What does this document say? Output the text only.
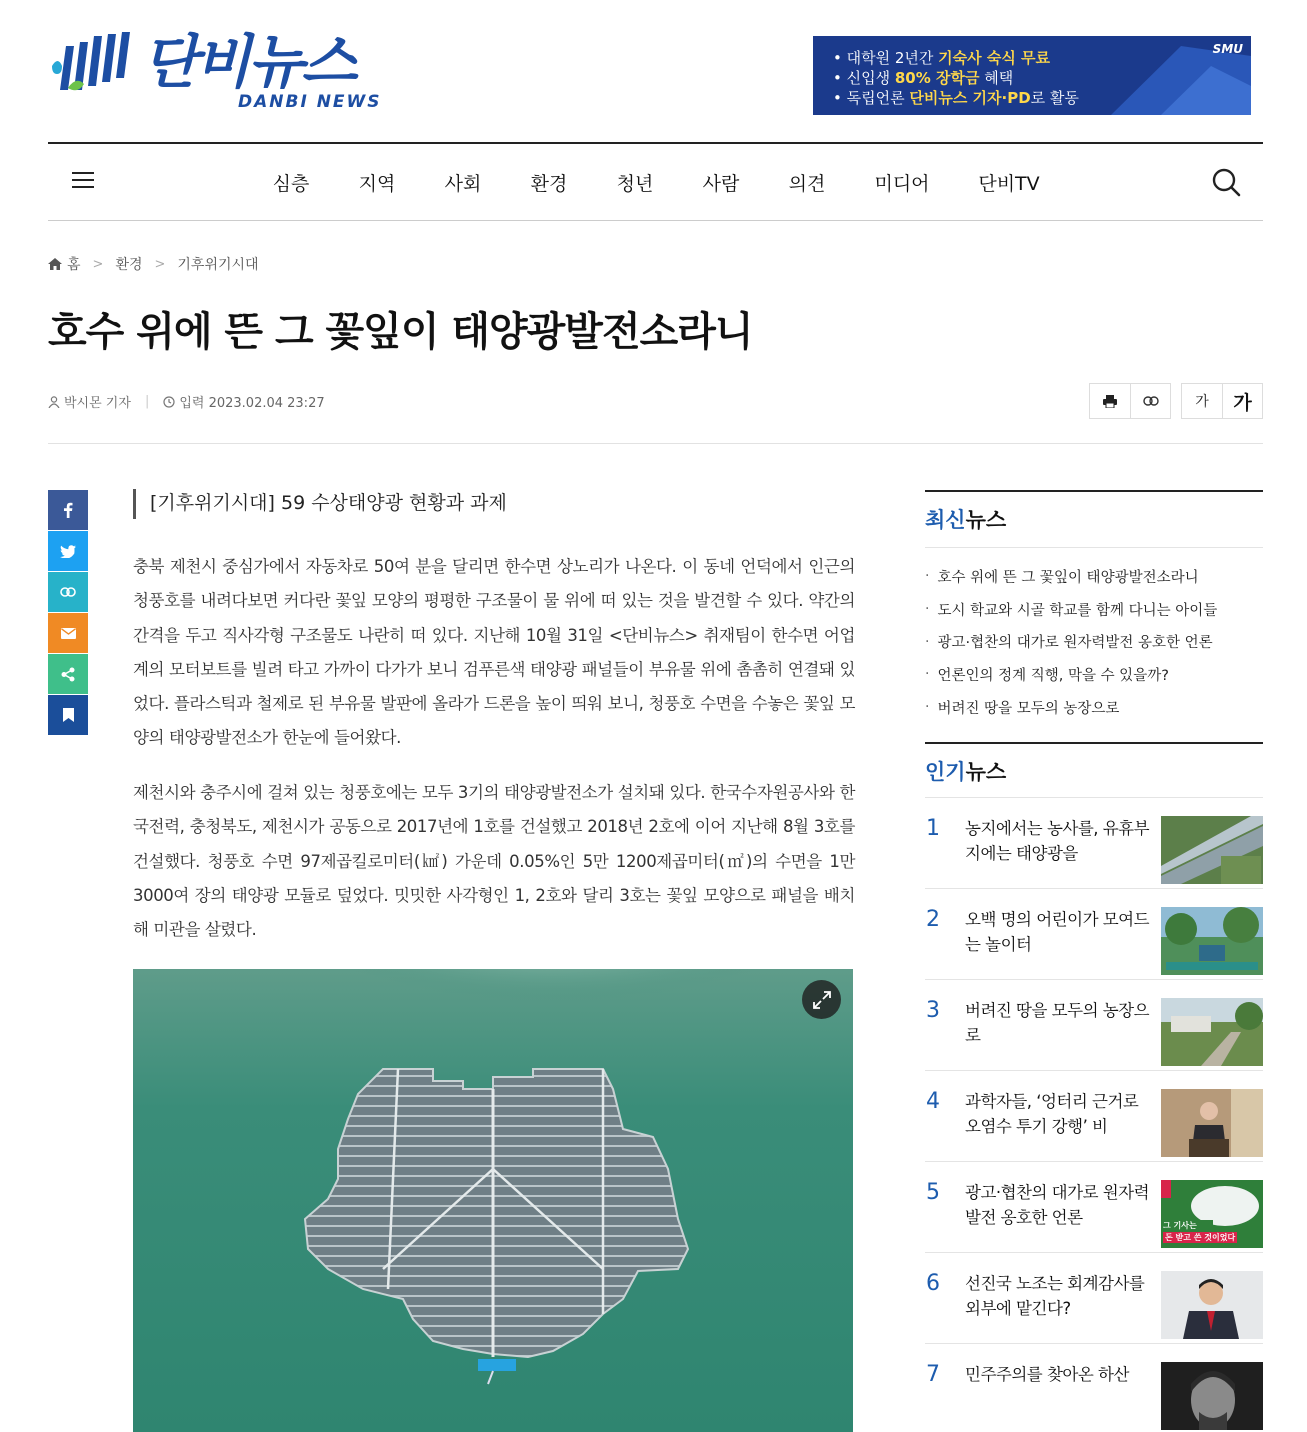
단비뉴스
DANBI NEWS
SMU
• 대학원 2년간 기숙사 숙식 무료
• 신입생 80% 장학금 혜택
• 독립언론 단비뉴스 기자·PD로 활동
심층	지역	사회	환경	청년	사람	의견	미디어	단비TV
홈 > 환경 > 기후위기시대
호수 위에 뜬 그 꽃잎이 태양광발전소라니
박시몬 기자 | 입력 2023.02.04 23:27	가	가
[기후위기시대] 59 수상태양광 현황과 과제

충북 제천시 중심가에서 자동차로 50여 분을 달리면 한수면 상노리가 나온다. 이 동네 언덕에서 인근의 청풍호를 내려다보면 커다란 꽃잎 모양의 평평한 구조물이 물 위에 떠 있는 것을 발견할 수 있다. 약간의 간격을 두고 직사각형 구조물도 나란히 떠 있다. 지난해 10월 31일 <단비뉴스> 취재팀이 한수면 어업계의 모터보트를 빌려 타고 가까이 다가가 보니 검푸른색 태양광 패널들이 부유물 위에 촘촘히 연결돼 있었다. 플라스틱과 철제로 된 부유물 발판에 올라가 드론을 높이 띄워 보니, 청풍호 수면을 수놓은 꽃잎 모양의 태양광발전소가 한눈에 들어왔다.

제천시와 충주시에 걸쳐 있는 청풍호에는 모두 3기의 태양광발전소가 설치돼 있다. 한국수자원공사와 한국전력, 충청북도, 제천시가 공동으로 2017년에 1호를 건설했고 2018년 2호에 이어 지난해 8월 3호를 건설했다. 청풍호 수면 97제곱킬로미터(㎢) 가운데 0.05%인 5만 1200제곱미터(㎡)의 수면을 1만 3000여 장의 태양광 모듈로 덮었다. 밋밋한 사각형인 1, 2호와 달리 3호는 꽃잎 모양으로 패널을 배치해 미관을 살렸다.

최신뉴스
· 호수 위에 뜬 그 꽃잎이 태양광발전소라니
· 도시 학교와 시골 학교를 함께 다니는 아이들
· 광고·협찬의 대가로 원자력발전 옹호한 언론
· 언론인의 정계 직행, 막을 수 있을까?
· 버려진 땅을 모두의 농장으로
인기뉴스
1 농지에서는 농사를, 유휴부지에는 태양광을
2 오백 명의 어린이가 모여드는 놀이터
3 버려진 땅을 모두의 농장으로
4 과학자들, ‘엉터리 근거로 오염수 투기 강행’ 비
5 광고·협찬의 대가로 원자력발전 옹호한 언론	그 기사는
돈 받고 쓴 것이었다
6 선진국 노조는 회계감사를 외부에 맡긴다?
7 민주주의를 찾아온 하산
